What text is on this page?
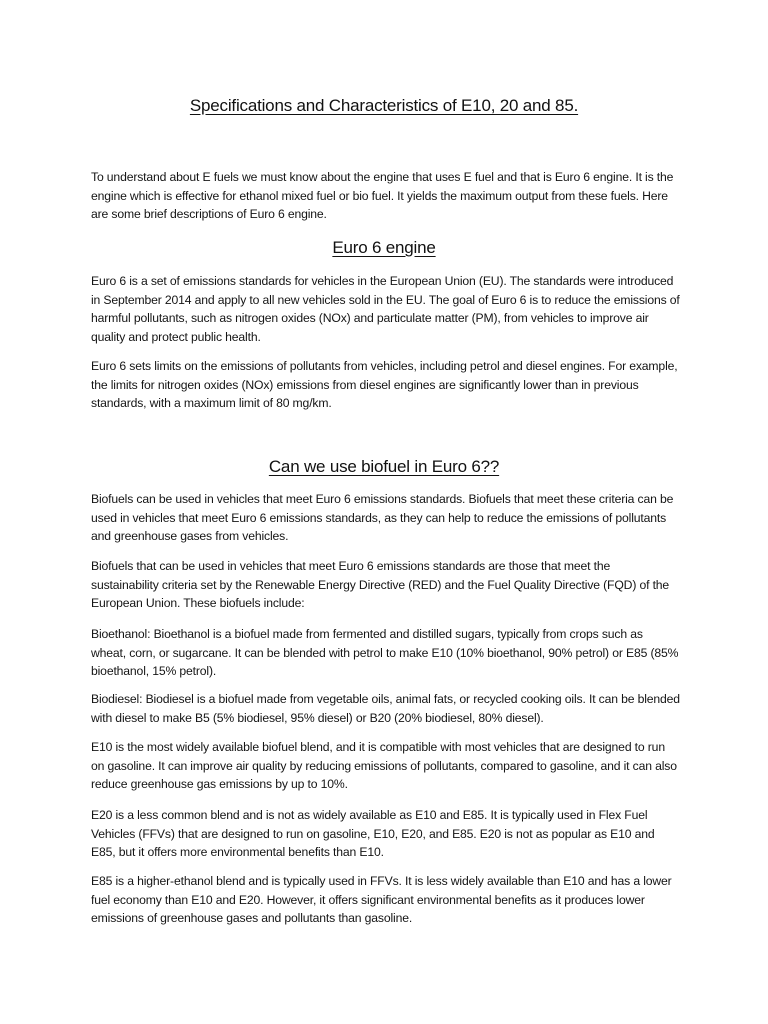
Specifications and Characteristics of E10, 20 and 85.

To understand about E fuels we must know about the engine that uses E fuel and that is Euro 6 engine. It is the engine which is effective for ethanol mixed fuel or bio fuel. It yields the maximum output from these fuels. Here are some brief descriptions of Euro 6 engine.

Euro 6 engine

Euro 6 is a set of emissions standards for vehicles in the European Union (EU). The standards were introduced in September 2014 and apply to all new vehicles sold in the EU. The goal of Euro 6 is to reduce the emissions of harmful pollutants, such as nitrogen oxides (NOx) and particulate matter (PM), from vehicles to improve air quality and protect public health.

Euro 6 sets limits on the emissions of pollutants from vehicles, including petrol and diesel engines. For example, the limits for nitrogen oxides (NOx) emissions from diesel engines are significantly lower than in previous standards, with a maximum limit of 80 mg/km.

Can we use biofuel in Euro 6??

Biofuels can be used in vehicles that meet Euro 6 emissions standards. Biofuels that meet these criteria can be used in vehicles that meet Euro 6 emissions standards, as they can help to reduce the emissions of pollutants and greenhouse gases from vehicles.

Biofuels that can be used in vehicles that meet Euro 6 emissions standards are those that meet the sustainability criteria set by the Renewable Energy Directive (RED) and the Fuel Quality Directive (FQD) of the European Union. These biofuels include:

Bioethanol: Bioethanol is a biofuel made from fermented and distilled sugars, typically from crops such as wheat, corn, or sugarcane. It can be blended with petrol to make E10 (10% bioethanol, 90% petrol) or E85 (85% bioethanol, 15% petrol).

Biodiesel: Biodiesel is a biofuel made from vegetable oils, animal fats, or recycled cooking oils. It can be blended with diesel to make B5 (5% biodiesel, 95% diesel) or B20 (20% biodiesel, 80% diesel).

E10 is the most widely available biofuel blend, and it is compatible with most vehicles that are designed to run on gasoline. It can improve air quality by reducing emissions of pollutants, compared to gasoline, and it can also reduce greenhouse gas emissions by up to 10%.

E20 is a less common blend and is not as widely available as E10 and E85. It is typically used in Flex Fuel Vehicles (FFVs) that are designed to run on gasoline, E10, E20, and E85. E20 is not as popular as E10 and E85, but it offers more environmental benefits than E10.

E85 is a higher-ethanol blend and is typically used in FFVs. It is less widely available than E10 and has a lower fuel economy than E10 and E20. However, it offers significant environmental benefits as it produces lower emissions of greenhouse gases and pollutants than gasoline.
